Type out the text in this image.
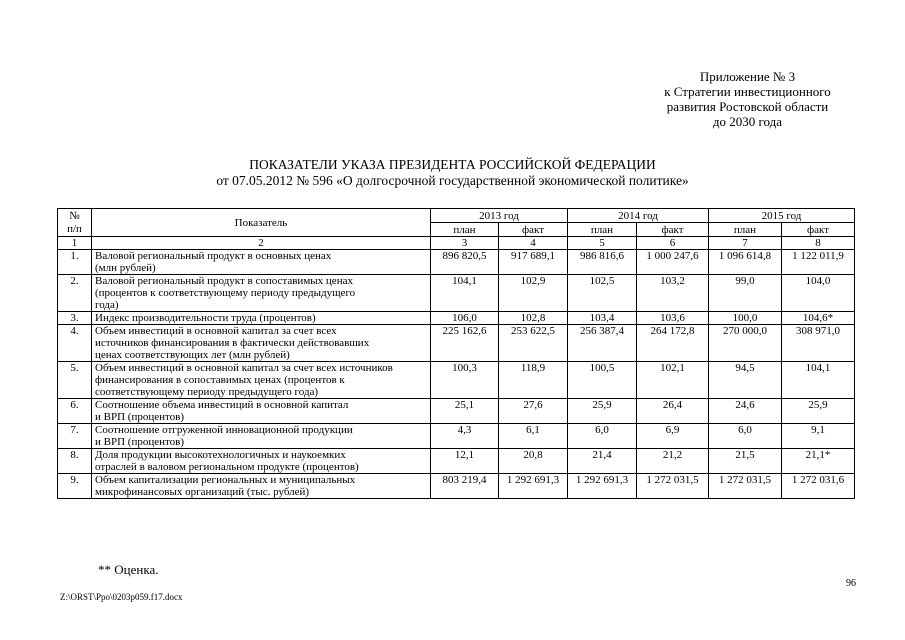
Приложение № 3
к Стратегии инвестиционного
развития Ростовской области
до 2030 года
ПОКАЗАТЕЛИ УКАЗА ПРЕЗИДЕНТА РОССИЙСКОЙ ФЕДЕРАЦИИ
от 07.05.2012 № 596 «О долгосрочной государственной экономической политике»
№
п/п	Показатель	2013 год		2014 год		2015 год	
		план	факт	план	факт	план	факт
1	2	3	4	5	6	7	8
1.	Валовой региональный продукт в основных ценах
(млн рублей)	896 820,5	917 689,1	986 816,6	1 000 247,6	1 096 614,8	1 122 011,9
2.	Валовой региональный продукт в сопоставимых ценах
(процентов к соответствующему периоду предыдущего
года)	104,1	102,9	102,5	103,2	99,0	104,0
3.	Индекс производительности труда (процентов)	106,0	102,8	103,4	103,6	100,0	104,6*
4.	Объем инвестиций в основной капитал за счет всех
источников финансирования в фактически действовавших
ценах соответствующих лет (млн рублей)	225 162,6	253 622,5	256 387,4	264 172,8	270 000,0	308 971,0
5.	Объем инвестиций в основной капитал за счет всех источников
финансирования в сопоставимых ценах (процентов к
соответствующему периоду предыдущего года)	100,3	118,9	100,5	102,1	94,5	104,1
6.	Соотношение объема инвестиций в основной капитал
и ВРП (процентов)	25,1	27,6	25,9	26,4	24,6	25,9
7.	Соотношение отгруженной инновационной продукции
и ВРП (процентов)	4,3	6,1	6,0	6,9	6,0	9,1
8.	Доля продукции высокотехнологичных и наукоемких
отраслей в валовом региональном продукте (процентов)	12,1	20,8	21,4	21,2	21,5	21,1*
9.	Объем капитализации региональных и муниципальных
микрофинансовых организаций (тыс. рублей)	803 219,4	1 292 691,3	1 292 691,3	1 272 031,5	1 272 031,5	1 272 031,6
** Оценка.
96
Z:\ORST\Ppo\0203p059.f17.docx
